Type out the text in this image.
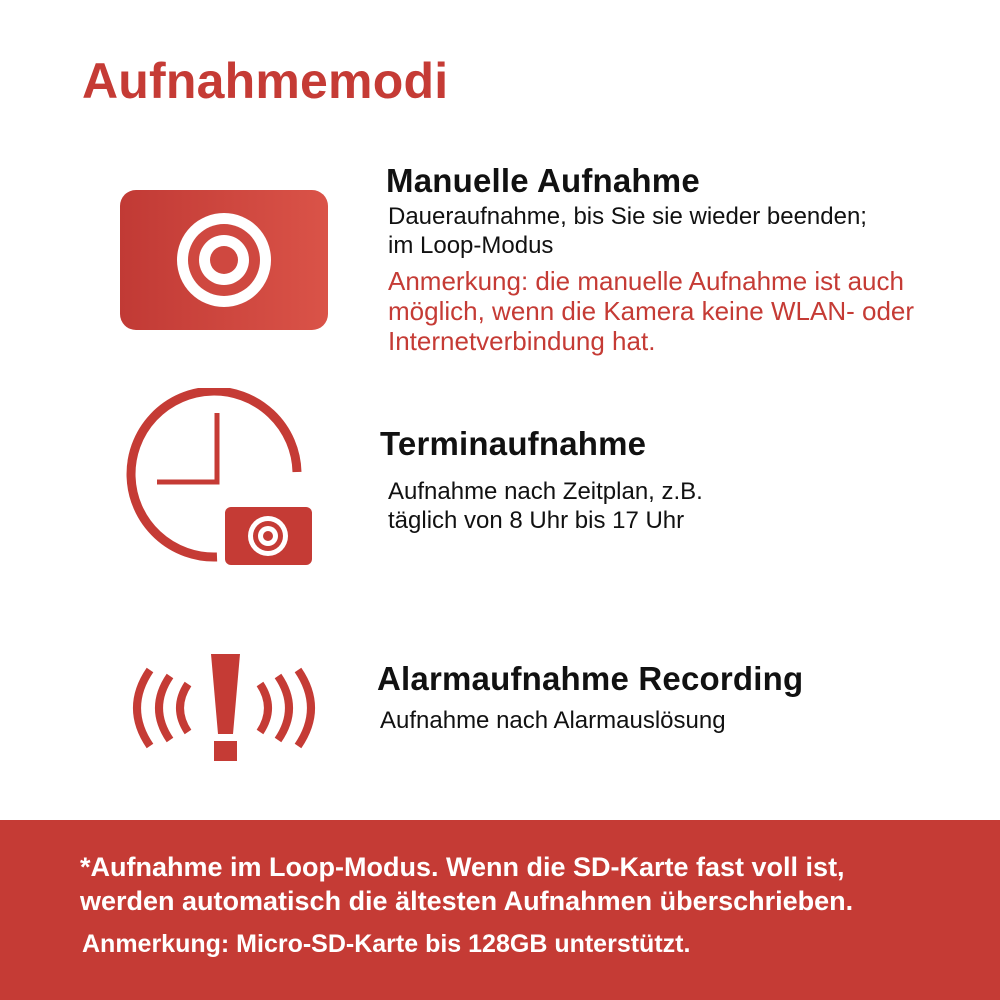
Aufnahmemodi
Manuelle Aufnahme
Daueraufnahme, bis Sie sie wieder beenden;
im Loop-Modus
Anmerkung: die manuelle Aufnahme ist auch
möglich, wenn die Kamera keine WLAN- oder
Internetverbindung hat.
Terminaufnahme
Aufnahme nach Zeitplan, z.B.
täglich von 8 Uhr bis 17 Uhr
Alarmaufnahme Recording
Aufnahme nach Alarmauslösung
*Aufnahme im Loop-Modus. Wenn die SD-Karte fast voll ist,
werden automatisch die ältesten Aufnahmen überschrieben.
Anmerkung: Micro-SD-Karte bis 128GB unterstützt.
